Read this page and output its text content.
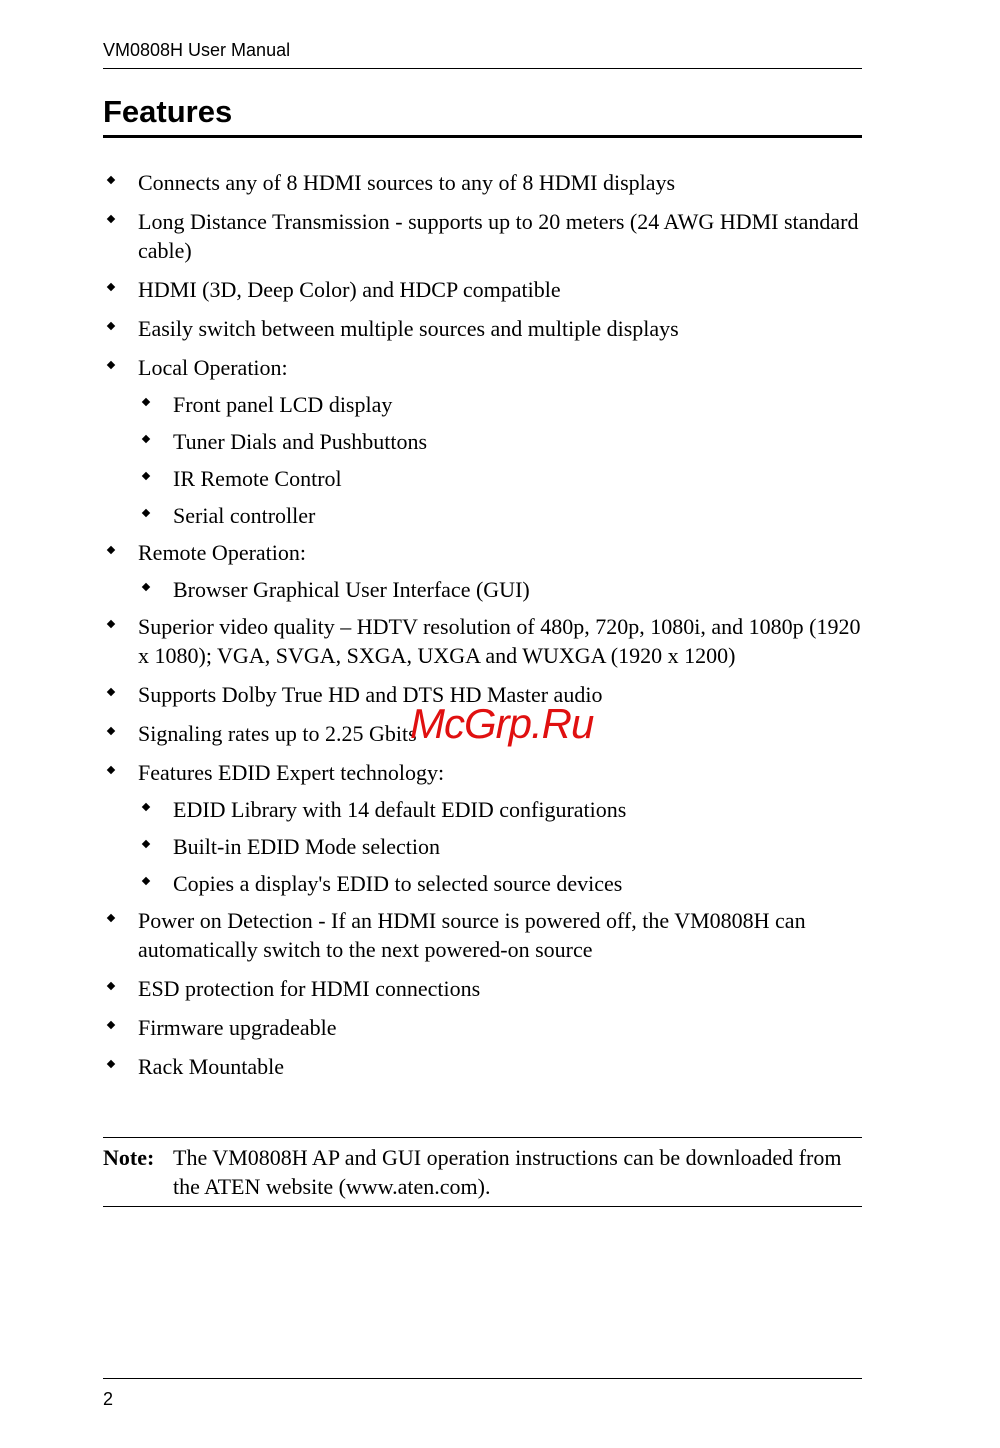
VM0808H User Manual
Features
Connects any of 8 HDMI sources to any of 8 HDMI displays
Long Distance Transmission - supports up to 20 meters (24 AWG HDMI standard cable)
HDMI (3D, Deep Color) and HDCP compatible
Easily switch between multiple sources and multiple displays
Local Operation:
Front panel LCD display
Tuner Dials and Pushbuttons
IR Remote Control
Serial controller
Remote Operation:
Browser Graphical User Interface (GUI)
Superior video quality – HDTV resolution of 480p, 720p, 1080i, and 1080p (1920 x 1080); VGA, SVGA, SXGA, UXGA and WUXGA (1920 x 1200)
Supports Dolby True HD and DTS HD Master audio
Signaling rates up to 2.25 Gbits
Features EDID Expert technology:
EDID Library with 14 default EDID configurations
Built-in EDID Mode selection
Copies a display's EDID to selected source devices
Power on Detection - If an HDMI source is powered off, the VM0808H can automatically switch to the next powered-on source
ESD protection for HDMI connections
Firmware upgradeable
Rack Mountable
Note: The VM0808H AP and GUI operation instructions can be downloaded from the ATEN website (www.aten.com).
McGrp.Ru
2
